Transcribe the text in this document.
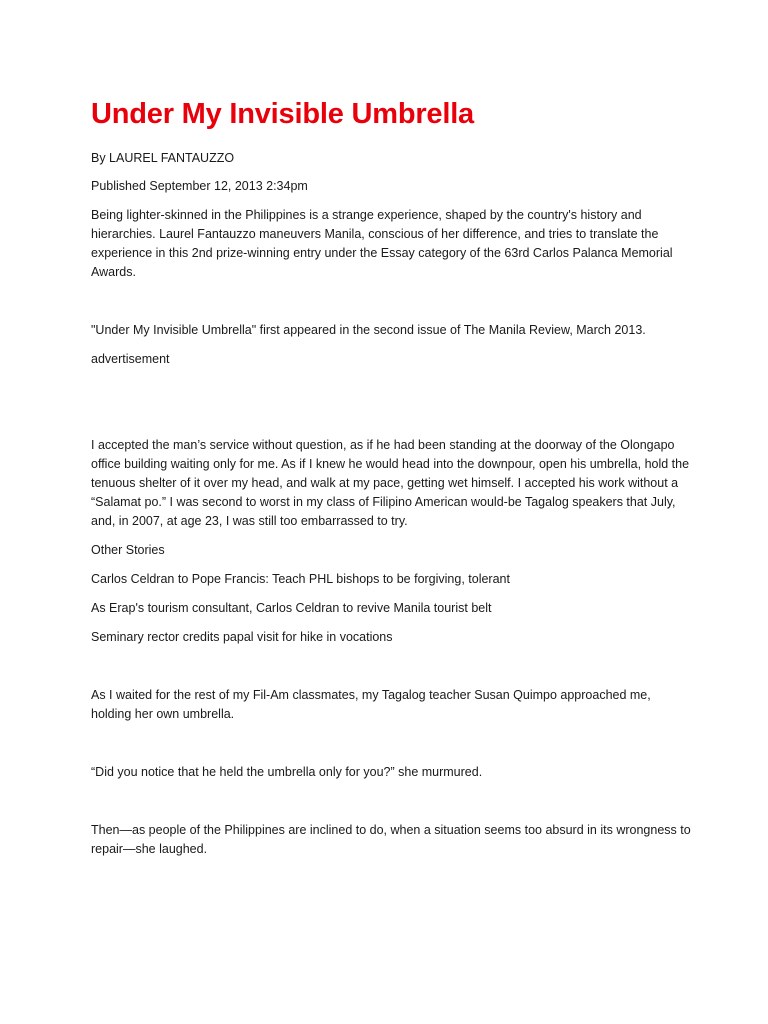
Under My Invisible Umbrella

By LAUREL FANTAUZZO

Published September 12, 2013 2:34pm

Being lighter-skinned in the Philippines is a strange experience, shaped by the country's history and hierarchies. Laurel Fantauzzo maneuvers Manila, conscious of her difference, and tries to translate the experience in this 2nd prize-winning entry under the Essay category of the 63rd Carlos Palanca Memorial Awards.

"Under My Invisible Umbrella" first appeared in the second issue of The Manila Review, March 2013.

advertisement

I accepted the man’s service without question, as if he had been standing at the doorway of the Olongapo office building waiting only for me. As if I knew he would head into the downpour, open his umbrella, hold the tenuous shelter of it over my head, and walk at my pace, getting wet himself. I accepted his work without a “Salamat po.” I was second to worst in my class of Filipino American would-be Tagalog speakers that July, and, in 2007, at age 23, I was still too embarrassed to try.

Other Stories

Carlos Celdran to Pope Francis: Teach PHL bishops to be forgiving, tolerant

As Erap's tourism consultant, Carlos Celdran to revive Manila tourist belt

Seminary rector credits papal visit for hike in vocations

As I waited for the rest of my Fil-Am classmates, my Tagalog teacher Susan Quimpo approached me, holding her own umbrella.

“Did you notice that he held the umbrella only for you?” she murmured.

Then—as people of the Philippines are inclined to do, when a situation seems too absurd in its wrongness to repair—she laughed.
